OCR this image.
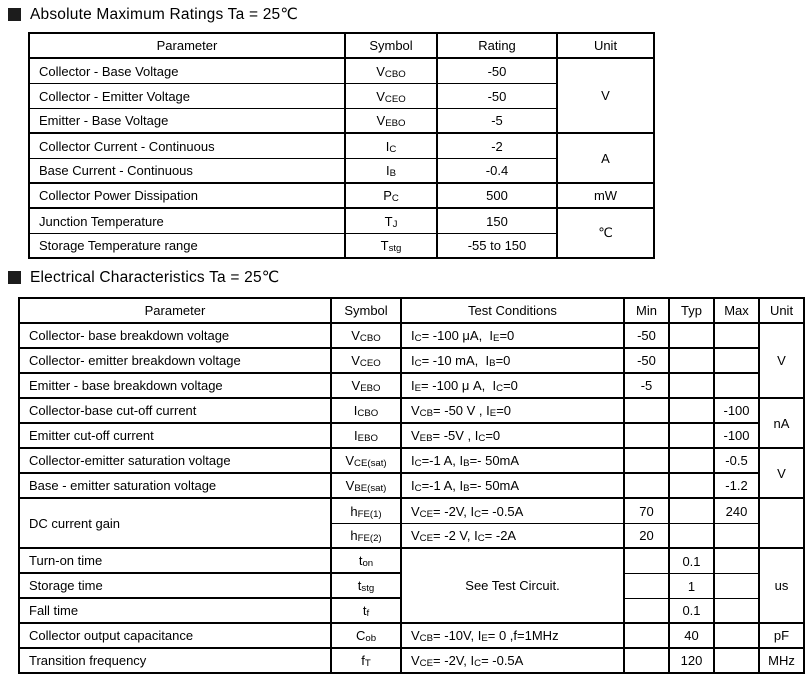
Absolute Maximum Ratings Ta = 25℃
Parameter	Symbol	Rating	Unit
Collector - Base Voltage	$V_{CBO}$	-50	V
Collector - Emitter Voltage	$V_{CEO}$	-50	
Emitter - Base Voltage	$V_{EBO}$	-5	
Collector Current - Continuous	$I_C$	-2	A
Base Current - Continuous	$I_B$	-0.4	
Collector Power Dissipation	$P_C$	500	mW
Junction Temperature	$T_J$	150	℃
Storage Temperature range	$T_{stg}$	-55 to 150	
Electrical Characteristics Ta = 25℃
Parameter	Symbol	Test Conditions	Min	Typ	Max	Unit
Collector- base breakdown voltage	$V_{CBO}$	$I_C= -100$ μA,  $I_E=0$	-50			V
Collector- emitter breakdown voltage	$V_{CEO}$	$I_C= -10$ mA,  $I_B=0$	-50			
Emitter - base breakdown voltage	$V_{EBO}$	$I_E= -100$ μ A,  $I_C=0$	-5			
Collector-base cut-off current	$I_{CBO}$	$V_{CB}= -50$ V , $I_E=0$			-100	nA
Emitter cut-off current	$I_{EBO}$	$V_{EB}= -5V$ , $I_C=0$			-100	
Collector-emitter saturation voltage	$V_{CE(sat)}$	$I_C=-1$ A, $I_B=-$ 50mA			-0.5	V
Base - emitter saturation voltage	$V_{BE(sat)}$	$I_C=-1$ A, $I_B=-$ 50mA			-1.2	
DC current gain	$h_{FE(1)}$	$V_{CE}= -2V$, $I_C= -0.5A$	70		240	
	$h_{FE(2)}$	$V_{CE}= -2$ V, $I_C= -2A$	20			
Turn-on time	$t_{on}$	See Test Circuit.		0.1		us
Storage time	$t_{stg}$			1		
Fall time	$t_f$			0.1		
Collector output capacitance	$C_{ob}$	$V_{CB}= -10V$, $I_E= 0$ ,f=1MHz		40		pF
Transition frequency	$f_T$	$V_{CE}= -2V$, $I_C= -0.5A$		120		MHz
